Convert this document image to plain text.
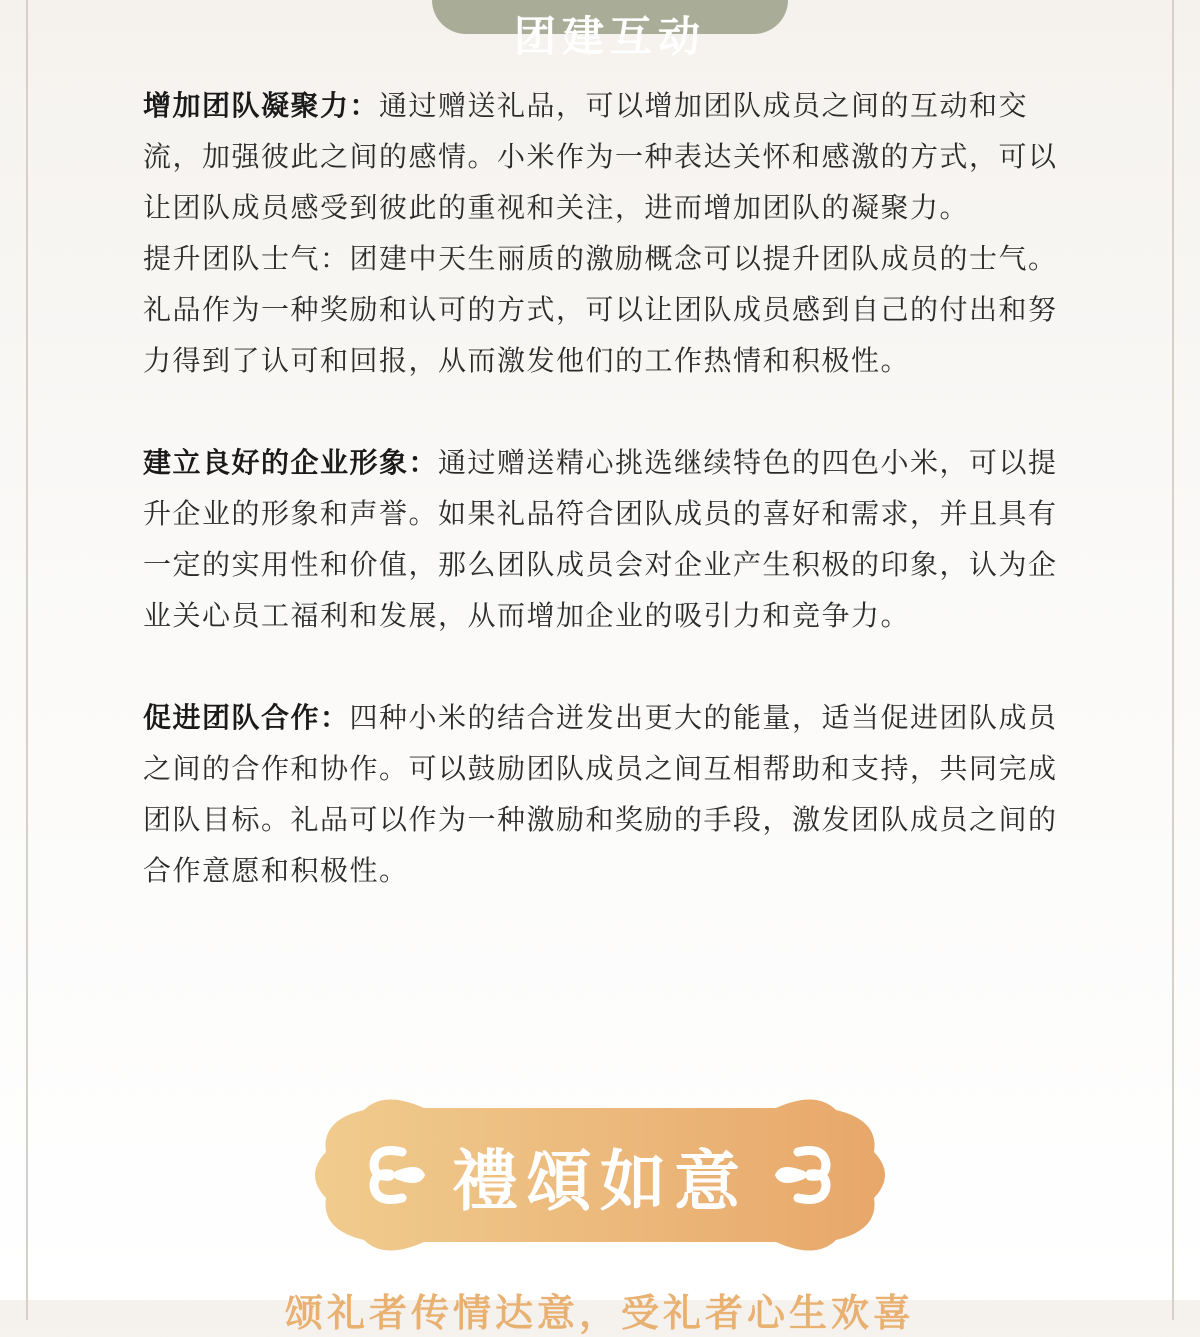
团建互动

增加团队凝聚力：通过赠送礼品，可以增加团队成员之间的互动和交流，加强彼此之间的感情。小米作为一种表达关怀和感激的方式，可以让团队成员感受到彼此的重视和关注，进而增加团队的凝聚力。

提升团队士气：团建中天生丽质的激励概念可以提升团队成员的士气。礼品作为一种奖励和认可的方式，可以让团队成员感到自己的付出和努力得到了认可和回报，从而激发他们的工作热情和积极性。

建立良好的企业形象：通过赠送精心挑选继续特色的四色小米，可以提升企业的形象和声誉。如果礼品符合团队成员的喜好和需求，并且具有一定的实用性和价值，那么团队成员会对企业产生积极的印象，认为企业关心员工福利和发展，从而增加企业的吸引力和竞争力。

促进团队合作：四种小米的结合迸发出更大的能量，适当促进团队成员之间的合作和协作。可以鼓励团队成员之间互相帮助和支持，共同完成团队目标。礼品可以作为一种激励和奖励的手段，激发团队成员之间的合作意愿和积极性。

禮頌如意
颂礼者传情达意，受礼者心生欢喜
